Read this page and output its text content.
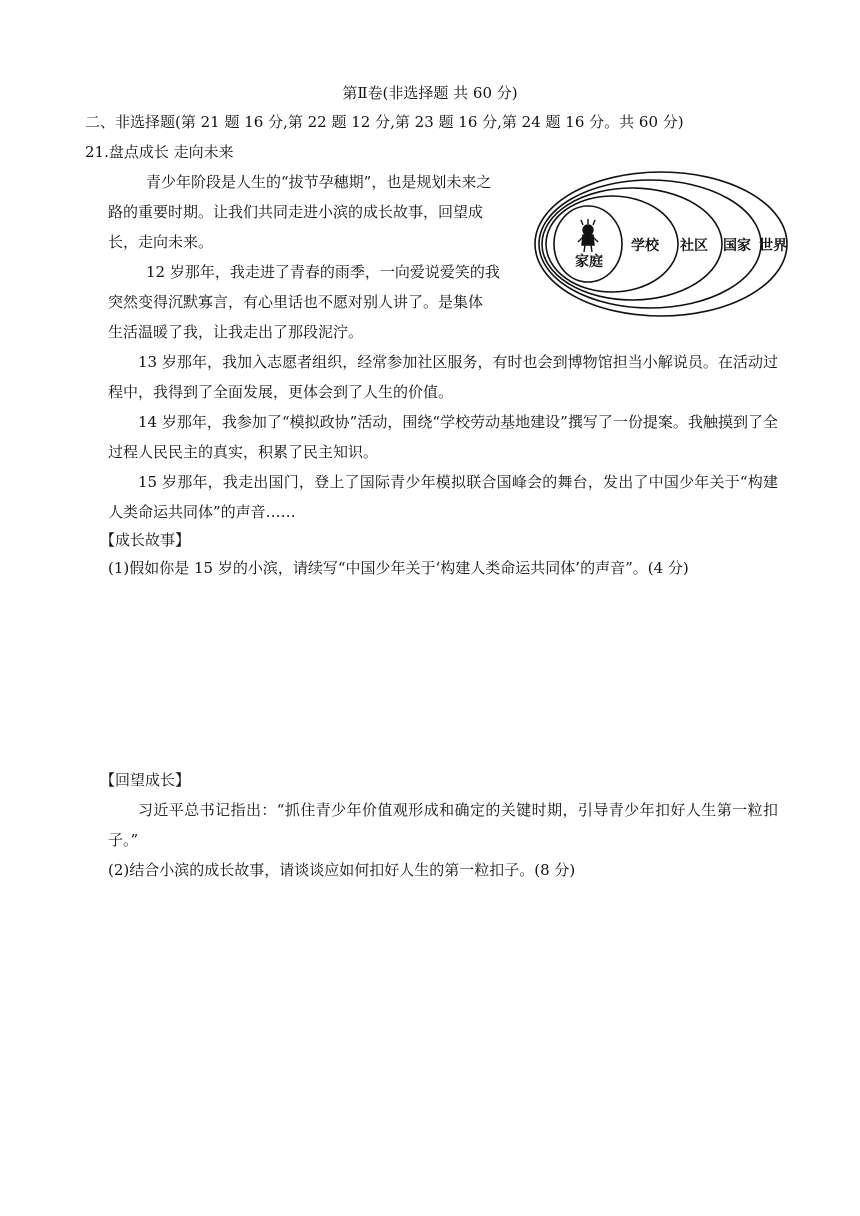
第Ⅱ卷(非选择题 共 60 分)
二、非选择题(第 21 题 16 分,第 22 题 12 分,第 23 题 16 分,第 24 题 16 分。共 60 分)
21.盘点成长 走向未来
青少年阶段是人生的“拔节孕穗期”，也是规划未来之
路的重要时期。让我们共同走进小滨的成长故事，回望成
长，走向未来。
12 岁那年，我走进了青春的雨季，一向爱说爱笑的我
突然变得沉默寡言，有心里话也不愿对别人讲了。是集体
生活温暖了我，让我走出了那段泥泞。
家庭
学校 社区 国家 世界
13 岁那年，我加入志愿者组织，经常参加社区服务，有时也会到博物馆担当小解说员。在活动过程中，我得到了全面发展，更体会到了人生的价值。
14 岁那年，我参加了“模拟政协”活动，围绕“学校劳动基地建设”撰写了一份提案。我触摸到了全过程人民民主的真实，积累了民主知识。
15 岁那年，我走出国门，登上了国际青少年模拟联合国峰会的舞台，发出了中国少年关于“构建人类命运共同体”的声音……
【成长故事】
(1)假如你是 15 岁的小滨，请续写“中国少年关于‘构建人类命运共同体’的声音”。(4 分)
【回望成长】
习近平总书记指出：“抓住青少年价值观形成和确定的关键时期，引导青少年扣好人生第一粒扣子。”
(2)结合小滨的成长故事，请谈谈应如何扣好人生的第一粒扣子。(8 分)
